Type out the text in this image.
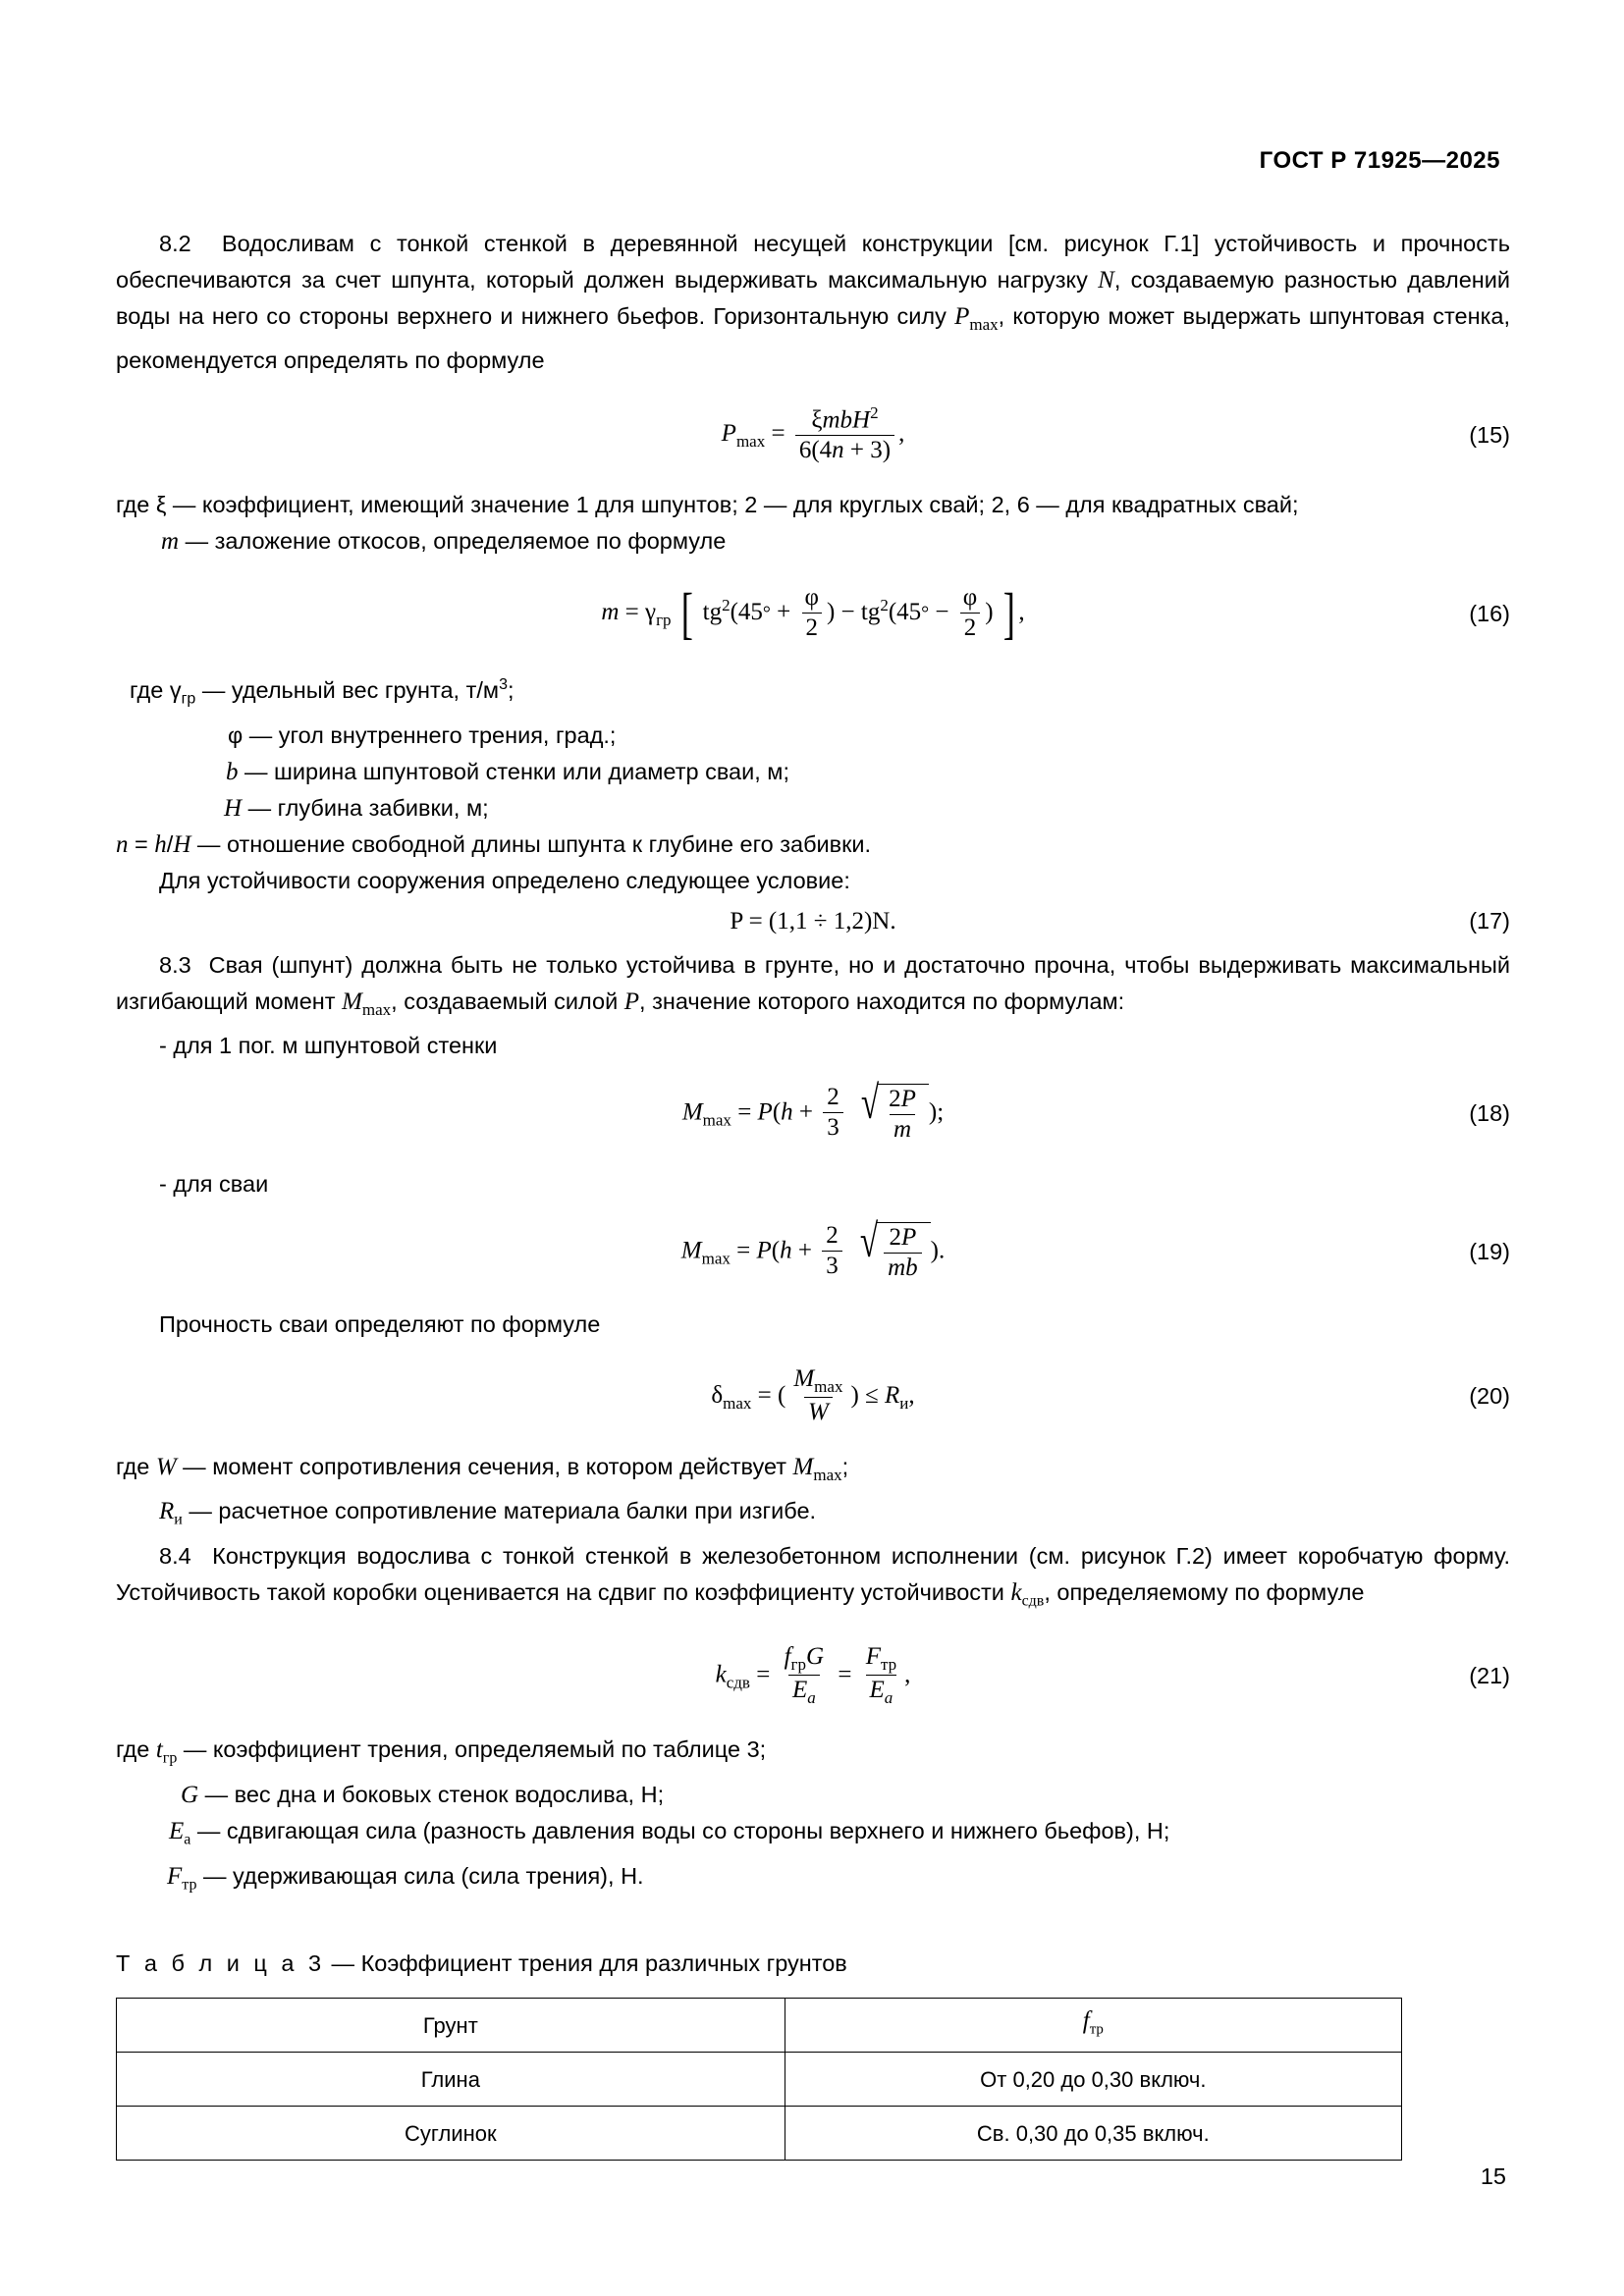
ГОСТ Р 71925—2025

8.2  Водосливам с тонкой стенкой в деревянной несущей конструкции [см. рисунок Г.1] устойчивость и прочность обеспечиваются за счет шпунта, который должен выдерживать максимальную нагрузку N, создаваемую разностью давлений воды на него со стороны верхнего и нижнего бьефов. Горизонтальную силу $P_{max}$, которую может выдержать шпунтовая стенка, рекомендуется определять по формуле

$P_{max} = \frac{\xi mbH^2}{6(4n + 3)}$ ,	(15)

где ξ — коэффициент, имеющий значение 1 для шпунтов; 2 — для круглых свай; 2, 6 — для квадратных свай;

m — заложение откосов, определяемое по формуле

$m = \gamma_{гр}$ [ $tg^2(45^\circ + \frac{\varphi}{2}$ ) − $tg^2(45^\circ - \frac{\varphi}{2}$ ) ] ,	(16)

где $\gamma_{гр}$ — удельный вес грунта, $т/м^3$;

φ — угол внутреннего трения, град.;

b — ширина шпунтовой стенки или диаметр сваи, м;

H — глубина забивки, м;

n = h/H — отношение свободной длины шпунта к глубине его забивки.

Для устойчивости сооружения определено следующее условие:

P = (1,1 ÷ 1,2)N.	(17)

8.3  Свая (шпунт) должна быть не только устойчива в грунте, но и достаточно прочна, чтобы выдерживать максимальный изгибающий момент $M_{max}$, создаваемый силой P, значение которого находится по формулам:

- для 1 пог. м шпунтовой стенки

$M_{max} = P(h + \frac{2}{3}$
√ $\frac{2P}{m}$ );	(18)

- для сваи

$M_{max} = P(h + \frac{2}{3}$
√ $\frac{2P}{mb}$ ).	(19)

Прочность сваи определяют по формуле

$\delta_{max}$ = ( $\frac{M_{max}}{W}$ ) ≤ $R_и$,	(20)

где W — момент сопротивления сечения, в котором действует $M_{max}$;

$R_и$ — расчетное сопротивление материала балки при изгибе.

8.4  Конструкция водослива с тонкой стенкой в железобетонном исполнении (см. рисунок Г.2) имеет коробчатую форму. Устойчивость такой коробки оценивается на сдвиг по коэффициенту устойчивости $k_{сдв}$, определяемому по формуле

$k_{сдв} = \frac{f_{гр}G}{E_а} = \frac{F_{тр}}{E_а}$ ,	(21)

где $t_{гр}$ — коэффициент трения, определяемый по таблице 3;

G — вес дна и боковых стенок водослива, Н;

$E_a$ — сдвигающая сила (разность давления воды со стороны верхнего и нижнего бьефов), Н;

$F_{тр}$ — удерживающая сила (сила трения), Н.

Т а б л и ц а 3 — Коэффициент трения для различных грунтов
Грунт	$f_{тр}$
Глина	От 0,20 до 0,30 включ.
Суглинок	Св. 0,30 до 0,35 включ.
15
